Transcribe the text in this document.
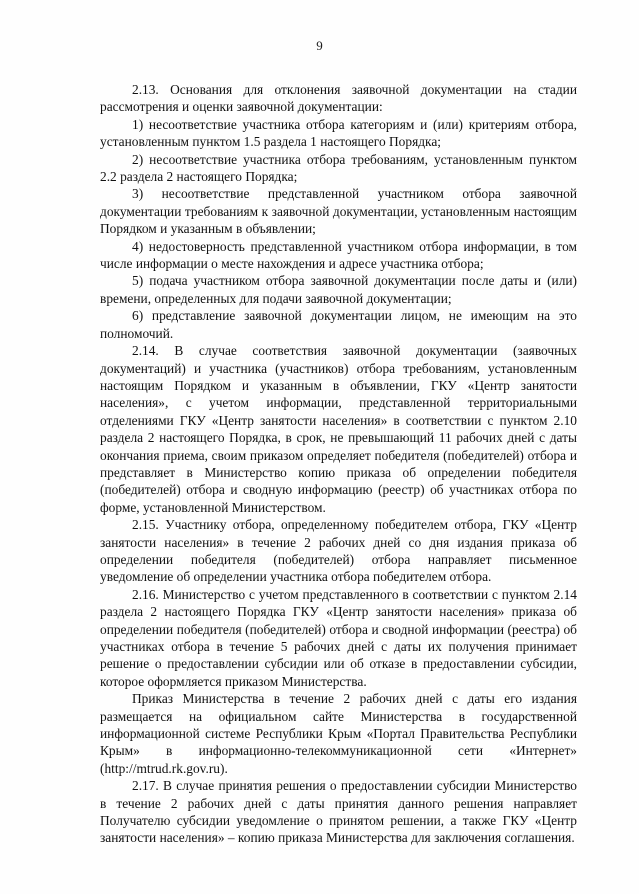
9

2.13. Основания для отклонения заявочной документации на стадии рассмотрения и оценки заявочной документации:

1) несоответствие участника отбора категориям и (или) критериям отбора, установленным пунктом 1.5 раздела 1 настоящего Порядка;

2) несоответствие участника отбора требованиям, установленным пунктом 2.2 раздела 2 настоящего Порядка;

3) несоответствие представленной участником отбора заявочной документации требованиям к заявочной документации, установленным настоящим Порядком и указанным в объявлении;

4) недостоверность представленной участником отбора информации, в том числе информации о месте нахождения и адресе участника отбора;

5) подача участником отбора заявочной документации после даты и (или) времени, определенных для подачи заявочной документации;

6) представление заявочной документации лицом, не имеющим на это полномочий.

2.14. В случае соответствия заявочной документации (заявочных документаций) и участника (участников) отбора требованиям, установленным настоящим Порядком и указанным в объявлении, ГКУ «Центр занятости населения», с учетом информации, представленной территориальными отделениями ГКУ «Центр занятости населения» в соответствии с пунктом 2.10 раздела 2 настоящего Порядка, в срок, не превышающий 11 рабочих дней с даты окончания приема, своим приказом определяет победителя (победителей) отбора и представляет в Министерство копию приказа об определении победителя (победителей) отбора и сводную информацию (реестр) об участниках отбора по форме, установленной Министерством.

2.15. Участнику отбора, определенному победителем отбора, ГКУ «Центр занятости населения» в течение 2 рабочих дней со дня издания приказа об определении победителя (победителей) отбора направляет письменное уведомление об определении участника отбора победителем отбора.

2.16. Министерство с учетом представленного в соответствии с пунктом 2.14 раздела 2 настоящего Порядка ГКУ «Центр занятости населения» приказа об определении победителя (победителей) отбора и сводной информации (реестра) об участниках отбора в течение 5 рабочих дней с даты их получения принимает решение о предоставлении субсидии или об отказе в предоставлении субсидии, которое оформляется приказом Министерства.

Приказ Министерства в течение 2 рабочих дней с даты его издания размещается на официальном сайте Министерства в государственной информационной системе Республики Крым «Портал Правительства Республики Крым» в информационно-телекоммуникационной сети «Интернет» (http://mtrud.rk.gov.ru).

2.17. В случае принятия решения о предоставлении субсидии Министерство в течение 2 рабочих дней с даты принятия данного решения направляет Получателю субсидии уведомление о принятом решении, а также ГКУ «Центр занятости населения» – копию приказа Министерства для заключения соглашения.
